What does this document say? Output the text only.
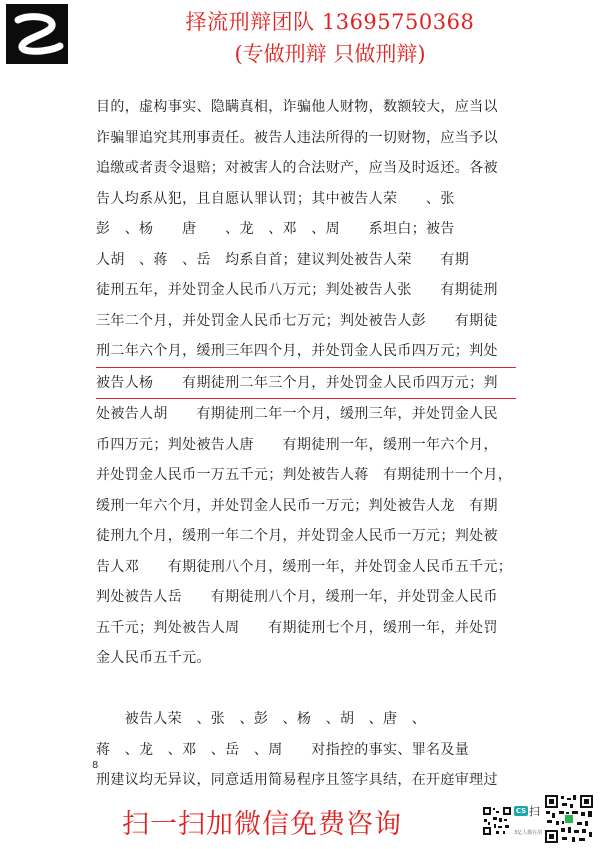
择流刑辩团队 13695750368
(专做刑辩 只做刑辩)
目的，虚构事实、隐瞒真相，诈骗他人财物，数额较大，应当以
诈骗罪追究其刑事责任。被告人违法所得的一切财物，应当予以
追缴或者责令退赔；对被害人的合法财产，应当及时返还。各被
告人均系从犯，且自愿认罪认罚；其中被告人荣　　、张
彭　、杨　　唐　　、龙　、邓　、周　　系坦白；被告
人胡　、蒋　、岳　均系自首；建议判处被告人荣　　有期
徒刑五年，并处罚金人民币八万元；判处被告人张　　有期徒刑
三年二个月，并处罚金人民币七万元；判处被告人彭　　有期徒
刑二年六个月，缓刑三年四个月，并处罚金人民币四万元；判处
被告人杨　　有期徒刑二年三个月，并处罚金人民币四万元；判
处被告人胡　　有期徒刑二年一个月，缓刑三年，并处罚金人民
币四万元；判处被告人唐　　有期徒刑一年，缓刑一年六个月，
并处罚金人民币一万五千元；判处被告人蒋　有期徒刑十一个月，
缓刑一年六个月，并处罚金人民币一万元；判处被告人龙　有期
徒刑九个月，缓刑一年二个月，并处罚金人民币一万元；判处被
告人邓　　有期徒刑八个月，缓刑一年，并处罚金人民币五千元；
判处被告人岳　　有期徒刑八个月，缓刑一年，并处罚金人民币
五千元；判处被告人周　　有期徒刑七个月，缓刑一年，并处罚
金人民币五千元。
　　被告人荣　、张　、彭　、杨　、胡　、唐　、
蒋　、龙　、邓　、岳　、周　　对指控的事实、罪名及量
刑建议均无异议，同意适用简易程序且签字具结，在开庭审理过
8
扫一扫加微信免费咨询	CS 扫
3亿人都在用
